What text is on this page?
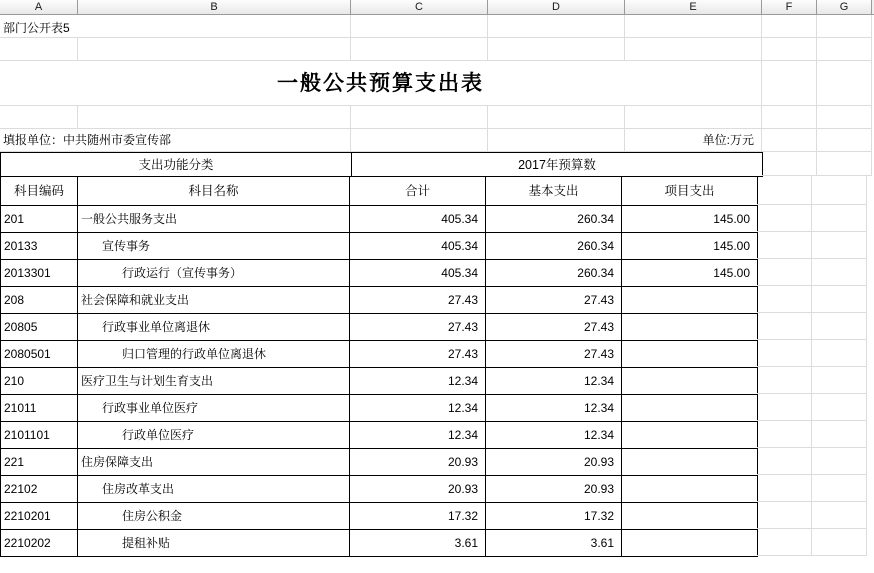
A	B	C	D	E	F	G
部门公开表5
一般公共预算支出表
填报单位：中共随州市委宣传部	单位:万元
支出功能分类	2017年预算数
科目编码	科目名称	合计	基本支出	项目支出
201	一般公共服务支出	405.34	260.34	145.00
20133	宣传事务	405.34	260.34	145.00
2013301	行政运行（宣传事务）	405.34	260.34	145.00
208	社会保障和就业支出	27.43	27.43
20805	行政事业单位离退休	27.43	27.43
2080501	归口管理的行政单位离退休	27.43	27.43
210	医疗卫生与计划生育支出	12.34	12.34
21011	行政事业单位医疗	12.34	12.34
2101101	行政单位医疗	12.34	12.34
221	住房保障支出	20.93	20.93
22102	住房改革支出	20.93	20.93
2210201	住房公积金	17.32	17.32
2210202	提租补贴	3.61	3.61
